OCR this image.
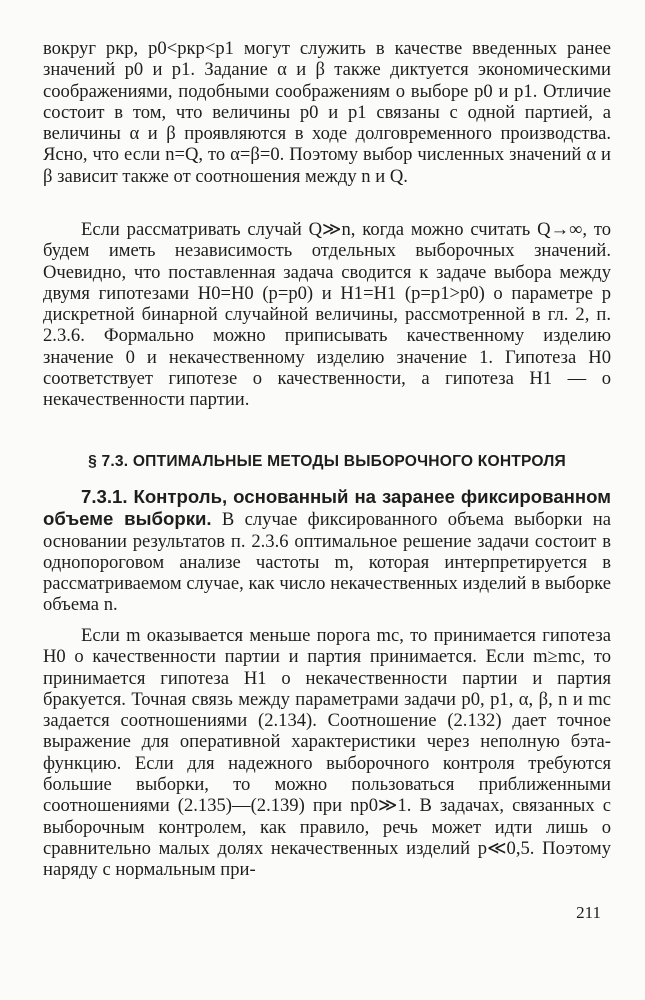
вокруг pкр, p0<pкр<p1 могут служить в качестве введенных ранее значений p0 и p1. Задание α и β также диктуется экономическими соображениями, подобными соображениям о выборе p0 и p1. Отличие состоит в том, что величины p0 и p1 связаны с одной партией, а величины α и β проявляются в ходе долговременного производства. Ясно, что если n=Q, то α=β=0. Поэтому выбор численных значений α и β зависит также от соотношения между n и Q.

Если рассматривать случай Q≫n, когда можно считать Q→∞, то будем иметь независимость отдельных выборочных значений. Очевидно, что поставленная задача сводится к задаче выбора между двумя гипотезами H0=H0 (p=p0) и H1=H1 (p=p1>p0) о параметре p дискретной бинарной случайной величины, рассмотренной в гл. 2, п. 2.3.6. Формально можно приписывать качественному изделию значение 0 и некачественному изделию значение 1. Гипотеза H0 соответствует гипотезе о качественности, а гипотеза H1 — о некачественности партии.

§ 7.3. ОПТИМАЛЬНЫЕ МЕТОДЫ ВЫБОРОЧНОГО КОНТРОЛЯ

7.3.1. Контроль, основанный на заранее фиксированном объеме выборки. В случае фиксированного объема выборки на основании результатов п. 2.3.6 оптимальное решение задачи состоит в однопороговом анализе частоты m, которая интерпретируется в рассматриваемом случае, как число некачественных изделий в выборке объема n.

Если m оказывается меньше порога mc, то принимается гипотеза H0 о качественности партии и партия принимается. Если m≥mc, то принимается гипотеза H1 о некачественности партии и партия бракуется. Точная связь между параметрами задачи p0, p1, α, β, n и mc задается соотношениями (2.134). Соотношение (2.132) дает точное выражение для оперативной характеристики через неполную бэта-функцию. Если для надежного выборочного контроля требуются большие выборки, то можно пользоваться приближенными соотношениями (2.135)—(2.139) при np0≫1. В задачах, связанных с выборочным контролем, как правило, речь может идти лишь о сравнительно малых долях некачественных изделий p≪0,5. Поэтому наряду с нормальным при-

211
